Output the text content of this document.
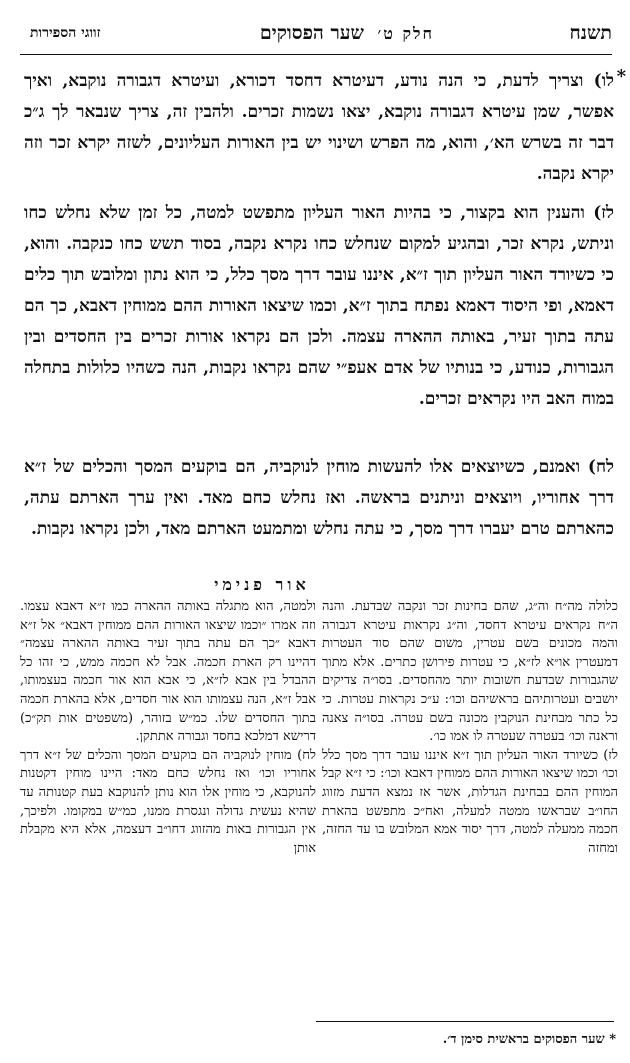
תשנח
חלק ט׳
שער הפסוקים
זווגי הספירות
*

לו) וצריך לדעת, כי הנה נודע, דעיטרא דחסד דכורא, ועיטרא דגבורה נוקבא, ואיך אפשר, שמן עיטרא דגבורה נוקבא, יצאו נשמות זכרים. ולהבין זה, צריך שנבאר לך ג״כ דבר זה בשרש הא׳, והוא, מה הפרש ושינוי יש בין האורות העליונים, לשזה יקרא זכר וזה יקרא נקבה.

לז) והענין הוא בקצור, כי בהיות האור העליון מתפשט למטה, כל זמן שלא נחלש כחו וניתש, נקרא זכר, ובהגיע למקום שנחלש כחו נקרא נקבה, בסוד תשש כחו כנקבה. והוא, כי כשיורד האור העליון תוך ז״א, איננו עובר דרך מסך כלל, כי הוא נתון ומלובש תוך כלים דאמא, ופי היסוד דאמא נפתח בתוך ז״א, וכמו שיצאו האורות ההם ממוחין דאבא, כך הם עתה בתוך זעיר, באותה ההארה עצמה. ולכן הם נקראו אורות זכרים בין החסדים ובין הגבורות, כנודע, כי בנותיו של אדם אעפ״י שהם נקראו נקבות, הנה כשהיו כלולות בתחלה במוח האב היו נקראים זכרים.

לח) ואמנם, כשיוצאים אלו להעשות מוחין לנוקביה, הם בוקעים המסך והכלים של ז״א דרך אחוריו, ויוצאים וניתנים בראשה. ואז נחלש כחם מאד. ואין ערך הארתם עתה, כהארתם טרם יעברו דרך מסך, כי עתה נחלש ומתמעט הארתם מאד, ולכן נקראו נקבות.

אור פנימי

כלולה מה״ח וה״ג, שהם בחינות זכר ונקבה שבדעת. והנה ה״ח נקראים עיטרא דחסד, וה״ג נקראות עיטרא דגבורה והמה מכונים בשם עטרין, משום שהם סוד העטרות דמעטרין או״א לז״א, כי עטרות פירושן כתרים. אלא מתוך שהגבורות שבדעת חשובות יותר מהחסדים. בסו״ה צדיקים יושבים ועטרותיהם בראשיהם וכו׳: ע״כ נקראות עטרות. כי כל כתר מבחינת הנוקבין מכונה בשם עטרה. בסו״ה צאנה וראנה וכו׳ בעטרה שעטרה לו אמו כו׳.

לז) כשיורד האור העליון תוך ז״א איננו עובר דרך מסך כלל וכו׳ וכמו שיצאו האורות ההם ממוחין דאבא וכו׳: כי ז״א קבל המוחין ההם בבחינת הגדלות, אשר אז נמצא הדעת מזווג החו״ב שבראשו ממטה למעלה, ואח״כ מתפשט בהארת חכמה ממעלה למטה, דרך יסוד אמא המלובש בו עד החזה, ומחזה

ולמטה, הוא מתגלה באותה ההארה כמו ז״א דאבא עצמו. וזה אמרו ״וכמו שיצאו האורות ההם ממוחין דאבא״ אל ז״א דאבא ״כך הם עתה בתוך זעיר באותה ההארה עצמה״ דהיינו רק הארת חכמה. אבל לא חכמה ממש, כי זהו כל ההבדל בין אבא לז״א, כי אבא הוא אור חכמה בעצמותו, אבל ז״א, הנה עצמותו הוא אור חסדים, אלא בהארת חכמה בתוך החסדים שלו. כמ״ש בזוהר, (משפטים אות תק״כ) דרישא דמלכא בחסד וגבורה אתתקן.

לח) מוחין לנוקביה הם בוקעים המסך והכלים של ז״א דרך אחוריו וכו׳ ואז נחלש כחם מאד: היינו מוחין דקטנות להנוקבא, כי מוחין אלו הוא נותן להנוקבא בעת קטנותה עד שהיא נעשית גדולה ונגסרת ממנו, כמ״ש במקומו. ולפיכך, אין הגבורות באות מהזווג דחו״ב דעצמה, אלא היא מקבלת אותן

* שער הפסוקים בראשית סימן ד׳.
